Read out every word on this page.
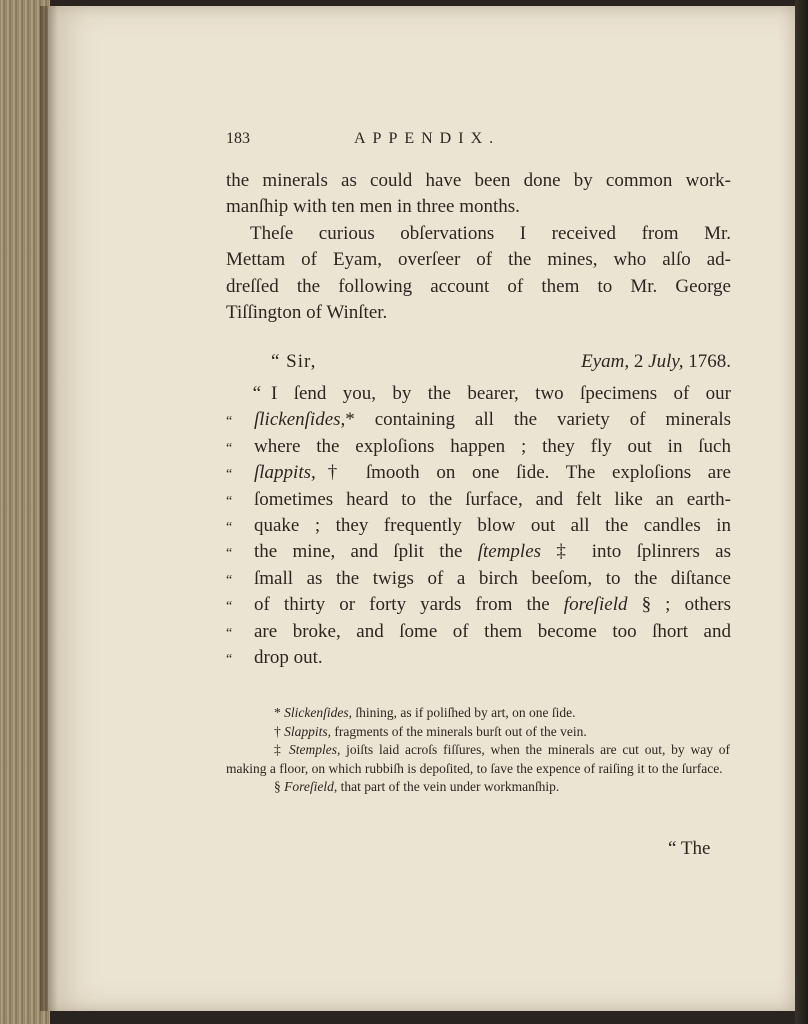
183	APPENDIX.

the minerals as could have been done by common work-

manſhip with ten men in three months.

Theſe curious obſervations I received from Mr.

Mettam of Eyam, overſeer of the mines, who alſo ad-

dreſſed the following account of them to Mr. George

Tiſſington of Winſter.

“ Sir,	Eyam, 2 July, 1768.
“ I ſend you, by the bearer, two ſpecimens of our
“	ſlickenſides,* containing all the variety of minerals
“	where the exploſions happen ; they fly out in ſuch
“	ſlappits,† ſmooth on one ſide. The exploſions are
“	ſometimes heard to the ſurface, and felt like an earth-
“	quake ; they frequently blow out all the candles in
“	the mine, and ſplit the ſtemples ‡ into ſplinrers as
“	ſmall as the twigs of a birch beeſom, to the diſtance
“	of thirty or forty yards from the foreſield § ; others
“	are broke, and ſome of them become too ſhort and
“	drop out.
* Slickenſides, ſhining, as if poliſhed by art, on one ſide.
† Slappits, fragments of the minerals burſt out of the vein.
‡ Stemples, joiſts laid acroſs fiſſures, when the minerals are cut out, by way of making a floor, on which rubbiſh is depoſited, to ſave the expence of raiſing it to the ſurface.
§ Foreſield, that part of the vein under workmanſhip.
“ The
